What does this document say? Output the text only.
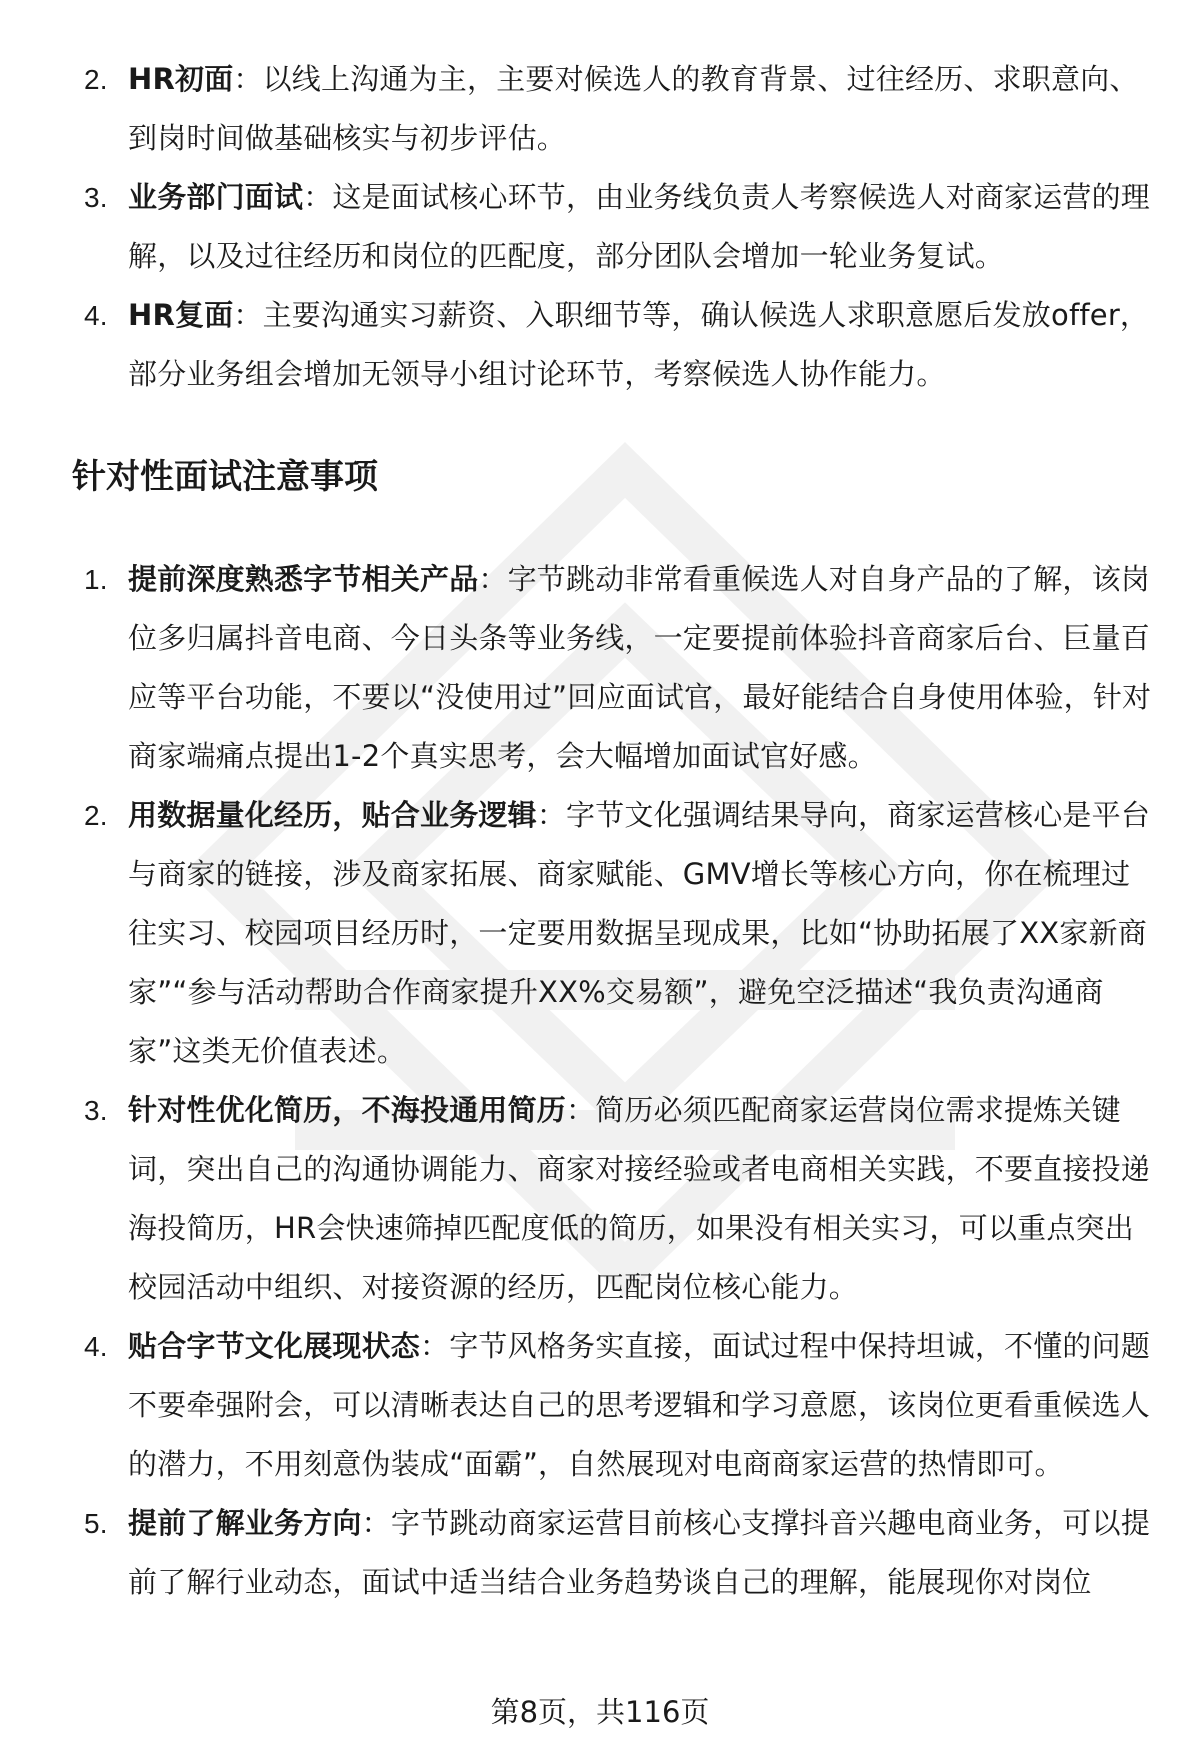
2. HR初面：以线上沟通为主，主要对候选人的教育背景、过往经历、求职意向、到岗时间做基础核实与初步评估。
3. 业务部门面试：这是面试核心环节，由业务线负责人考察候选人对商家运营的理解，以及过往经历和岗位的匹配度，部分团队会增加一轮业务复试。
4. HR复面：主要沟通实习薪资、入职细节等，确认候选人求职意愿后发放offer，部分业务组会增加无领导小组讨论环节，考察候选人协作能力。
针对性面试注意事项
1. 提前深度熟悉字节相关产品：字节跳动非常看重候选人对自身产品的了解，该岗位多归属抖音电商、今日头条等业务线，一定要提前体验抖音商家后台、巨量百应等平台功能，不要以“没使用过”回应面试官，最好能结合自身使用体验，针对商家端痛点提出1-2个真实思考，会大幅增加面试官好感。
2. 用数据量化经历，贴合业务逻辑：字节文化强调结果导向，商家运营核心是平台与商家的链接，涉及商家拓展、商家赋能、GMV增长等核心方向，你在梳理过往实习、校园项目经历时，一定要用数据呈现成果，比如“协助拓展了XX家新商家”“参与活动帮助合作商家提升XX%交易额”，避免空泛描述“我负责沟通商家”这类无价值表述。
3. 针对性优化简历，不海投通用简历：简历必须匹配商家运营岗位需求提炼关键词，突出自己的沟通协调能力、商家对接经验或者电商相关实践，不要直接投递海投简历，HR会快速筛掉匹配度低的简历，如果没有相关实习，可以重点突出校园活动中组织、对接资源的经历，匹配岗位核心能力。
4. 贴合字节文化展现状态：字节风格务实直接，面试过程中保持坦诚，不懂的问题不要牵强附会，可以清晰表达自己的思考逻辑和学习意愿，该岗位更看重候选人的潜力，不用刻意伪装成“面霸”，自然展现对电商商家运营的热情即可。
5. 提前了解业务方向：字节跳动商家运营目前核心支撑抖音兴趣电商业务，可以提前了解行业动态，面试中适当结合业务趋势谈自己的理解，能展现你对岗位
第8页，共116页
